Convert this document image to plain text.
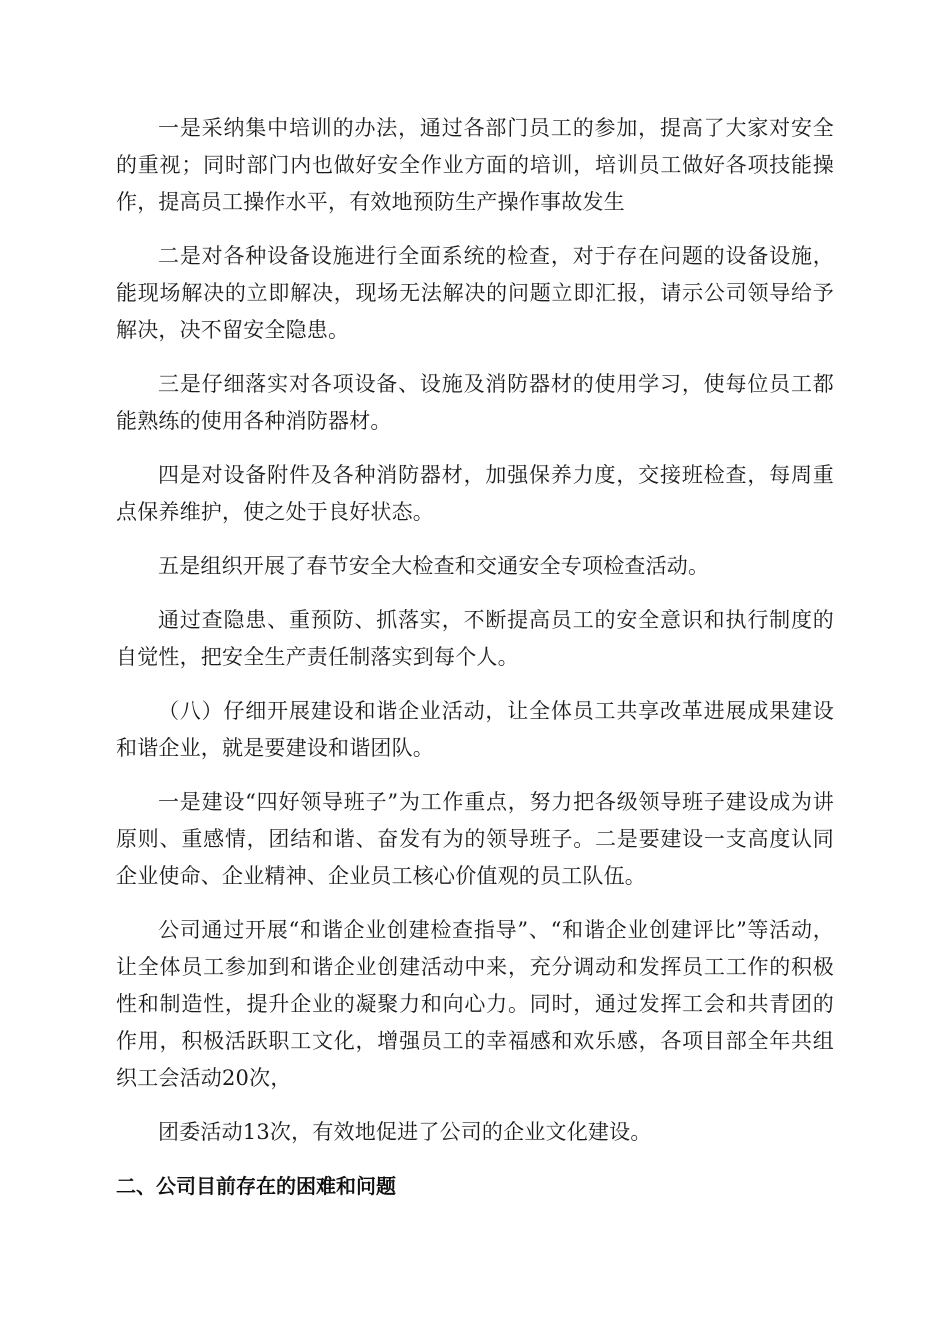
一是采纳集中培训的办法，通过各部门员工的参加，提高了大家对安全的重视；同时部门内也做好安全作业方面的培训，培训员工做好各项技能操作，提高员工操作水平，有效地预防生产操作事故发生

二是对各种设备设施进行全面系统的检查，对于存在问题的设备设施，能现场解决的立即解决，现场无法解决的问题立即汇报，请示公司领导给予解决，决不留安全隐患。

三是仔细落实对各项设备、设施及消防器材的使用学习，使每位员工都能熟练的使用各种消防器材。

四是对设备附件及各种消防器材，加强保养力度，交接班检查，每周重点保养维护，使之处于良好状态。

五是组织开展了春节安全大检查和交通安全专项检查活动。

通过查隐患、重预防、抓落实，不断提高员工的安全意识和执行制度的自觉性，把安全生产责任制落实到每个人。

（八）仔细开展建设和谐企业活动，让全体员工共享改革进展成果建设和谐企业，就是要建设和谐团队。

一是建设“四好领导班子”为工作重点，努力把各级领导班子建设成为讲原则、重感情，团结和谐、奋发有为的领导班子。二是要建设一支高度认同企业使命、企业精神、企业员工核心价值观的员工队伍。

公司通过开展“和谐企业创建检查指导”、“和谐企业创建评比”等活动，让全体员工参加到和谐企业创建活动中来，充分调动和发挥员工工作的积极性和制造性，提升企业的凝聚力和向心力。同时，通过发挥工会和共青团的作用，积极活跃职工文化，增强员工的幸福感和欢乐感，各项目部全年共组织工会活动20次，

团委活动13次，有效地促进了公司的企业文化建设。

二、公司目前存在的困难和问题
